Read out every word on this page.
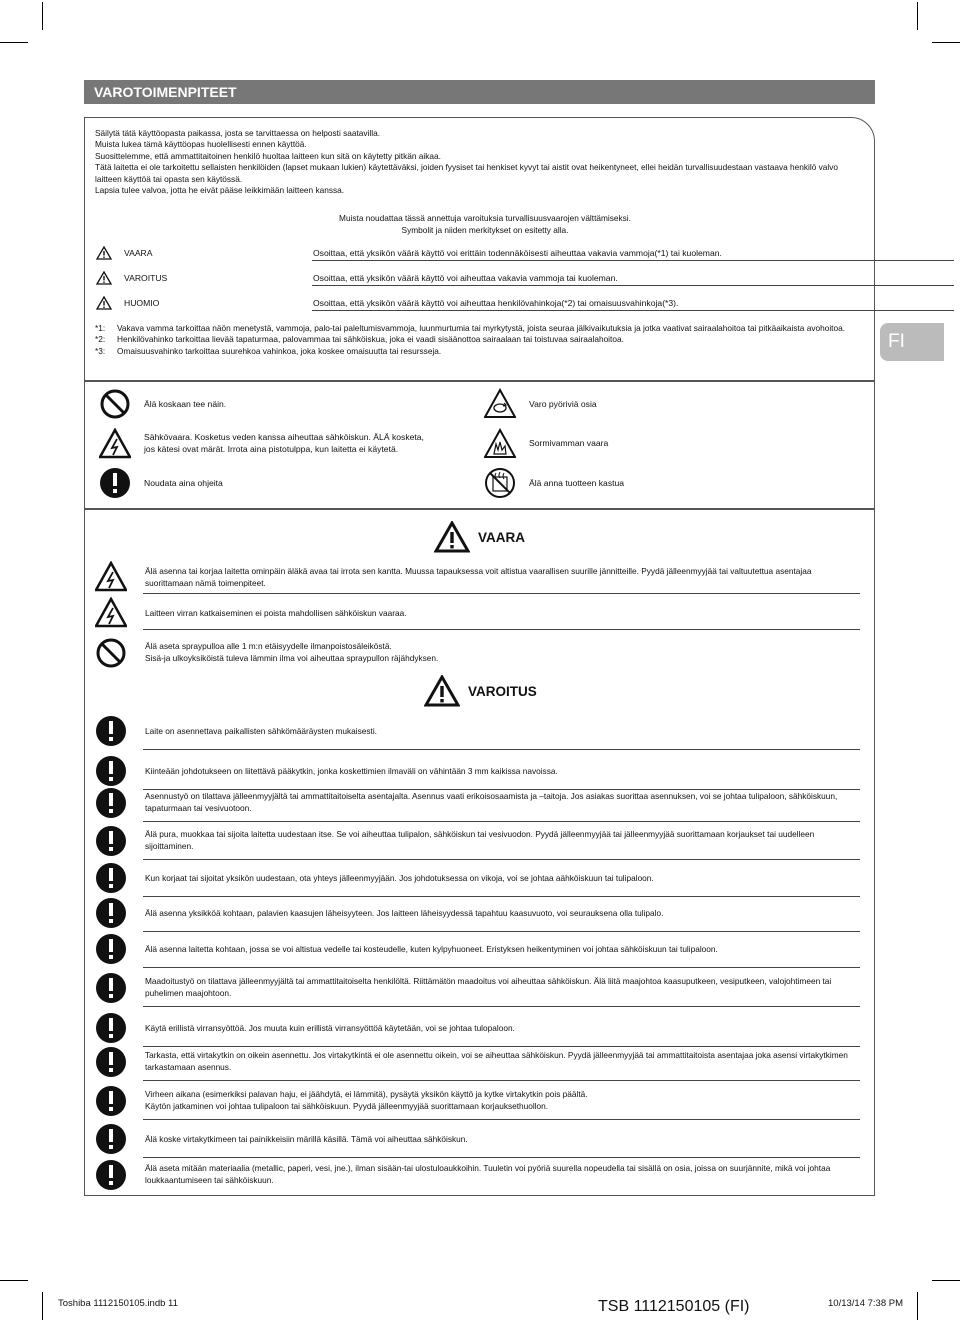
VAROTOIMENPITEET

Säilytä tätä käyttöopasta paikassa, josta se tarvittaessa on helposti saatavilla.

Muista lukea tämä käyttöopas huolellisesti ennen käyttöä.

Suosittelemme, että ammattitaitoinen henkilö huoltaa laitteen kun sitä on käytetty pitkän aikaa.

Tätä laitetta ei ole tarkoitettu sellaisten henkilöiden (lapset mukaan lukien) käytettäväksi, joiden fyysiset tai henkiset kyvyt tai aistit ovat heikentyneet, ellei heidän turvallisuudestaan vastaava henkilö valvo laitteen käyttöä tai opasta sen käytössä.

Lapsia tulee valvoa, jotta he eivät pääse leikkimään laitteen kanssa.

Muista noudattaa tässä annettuja varoituksia turvallisuusvaarojen välttämiseksi.
Symbolit ja niiden merkitykset on esitetty alla.
VAARA	Osoittaa, että yksikön väärä käyttö voi erittäin todennäköisesti aiheuttaa vakavia vammoja(*1) tai kuoleman.
VAROITUS	Osoittaa, että yksikön väärä käyttö voi aiheuttaa vakavia vammoja tai kuoleman.
HUOMIO	Osoittaa, että yksikön väärä käyttö voi aiheuttaa henkilövahinkoja(*2) tai omaisuusvahinkoja(*3).
*1: Vakava vamma tarkoittaa näön menetystä, vammoja, palo-tai paleltumisvammoja, luunmurtumia tai myrkytystä, joista seuraa jälkivaikutuksia ja jotka vaativat sairaalahoitoa tai pitkäaikaista avohoitoa.
*2: Henkilövahinko tarkoittaa lievää tapaturmaa, palovammaa tai sähköiskua, joka ei vaadi sisäänottoa sairaalaan tai toistuvaa sairaalahoitoa.
*3: Omaisuusvahinko tarkoittaa suurehkoa vahinkoa, joka koskee omaisuutta tai resursseja.	FI
Älä koskaan tee näin.
Sähkövaara. Kosketus veden kanssa aiheuttaa sähköiskun. ÄLÄ kosketa,
jos kätesi ovat märät. Irrota aina pistotulppa, kun laitetta ei käytetä.
Noudata aina ohjeita
Varo pyöriviä osia
Sormivamman vaara
Älä anna tuotteen kastua
VAARA
Älä asenna tai korjaa laitetta ominpäin äläkä avaa tai irrota sen kantta. Muussa tapauksessa voit altistua vaarallisen suurille jännitteille. Pyydä jälleenmyyjää tai valtuutettua asentajaa suorittamaan nämä toimenpiteet.
Laitteen virran katkaiseminen ei poista mahdollisen sähköiskun vaaraa.
Älä aseta spraypulloa alle 1 m:n etäisyydelle ilmanpoistosäleiköstä.
Sisä-ja ulkoyksiköistä tuleva lämmin ilma voi aiheuttaa spraypullon räjähdyksen.
VAROITUS
Laite on asennettava paikallisten sähkömääräysten mukaisesti.
Kiinteään johdotukseen on liitettävä pääkytkin, jonka koskettimien ilmaväli on vähintään 3 mm kaikissa navoissa.
Asennustyö on tilattava jälleenmyyjältä tai ammattitaitoiselta asentajalta. Asennus vaati erikoisosaamista ja –taitoja. Jos asiakas suorittaa asennuksen, voi se johtaa tulipaloon, sähköiskuun, tapaturmaan tai vesivuotoon.
Älä pura, muokkaa tai sijoita laitetta uudestaan itse. Se voi aiheuttaa tulipalon, sähköiskun tai vesivuodon. Pyydä jälleenmyyjää tai jälleenmyyjää suorittamaan korjaukset tai uudelleen sijoittaminen.
Kun korjaat tai sijoitat yksikön uudestaan, ota yhteys jälleenmyyjään. Jos johdotuksessa on vikoja, voi se johtaa aähköiskuun tai tulipaloon.
Älä asenna yksikköä kohtaan, palavien kaasujen läheisyyteen. Jos laitteen läheisyydessä tapahtuu kaasuvuoto, voi seurauksena olla tulipalo.
Älä asenna laitetta kohtaan, jossa se voi altistua vedelle tai kosteudelle, kuten kylpyhuoneet. Eristyksen heikentyminen voi johtaa sähköiskuun tai tulipaloon.
Maadoitustyö on tilattava jälleenmyyjältä tai ammattitaitoiselta henkilöltä. Riittämätön maadoitus voi aiheuttaa sähköiskun. Älä liitä maajohtoa kaasuputkeen, vesiputkeen, valojohtimeen tai puhelimen maajohtoon.
Käytä erillistä virransyöttöä. Jos muuta kuin erillistä virransyöttöä käytetään, voi se johtaa tulopaloon.
Tarkasta, että virtakytkin on oikein asennettu. Jos virtakytkintä ei ole asennettu oikein, voi se aiheuttaa sähköiskun. Pyydä jälleenmyyjää tai ammattitaitoista asentajaa joka asensi virtakytkimen tarkastamaan asennus.
Virheen aikana (esimerkiksi palavan haju, ei jäähdytä, ei lämmitä), pysäytä yksikön käyttö ja kytke virtakytkin pois päältä.
Käytön jatkaminen voi johtaa tulipaloon tai sähköiskuun. Pyydä jälleenmyyjää suorittamaan korjauksethuollon.
Älä koske virtakytkimeen tai painikkeisiin märillä käsillä. Tämä voi aiheuttaa sähköiskun.
Älä aseta mitään materiaalia (metallic, paperi, vesi, jne.), ilman sisään-tai ulostuloaukkoihin. Tuuletin voi pyöriä suurella nopeudella tai sisällä on osia, joissa on suurjännite, mikä voi johtaa loukkaantumiseen tai sähköiskuun.
Toshiba 1112150105.indb 11	TSB 1112150105 (FI)	10/13/14 7:38 PM
